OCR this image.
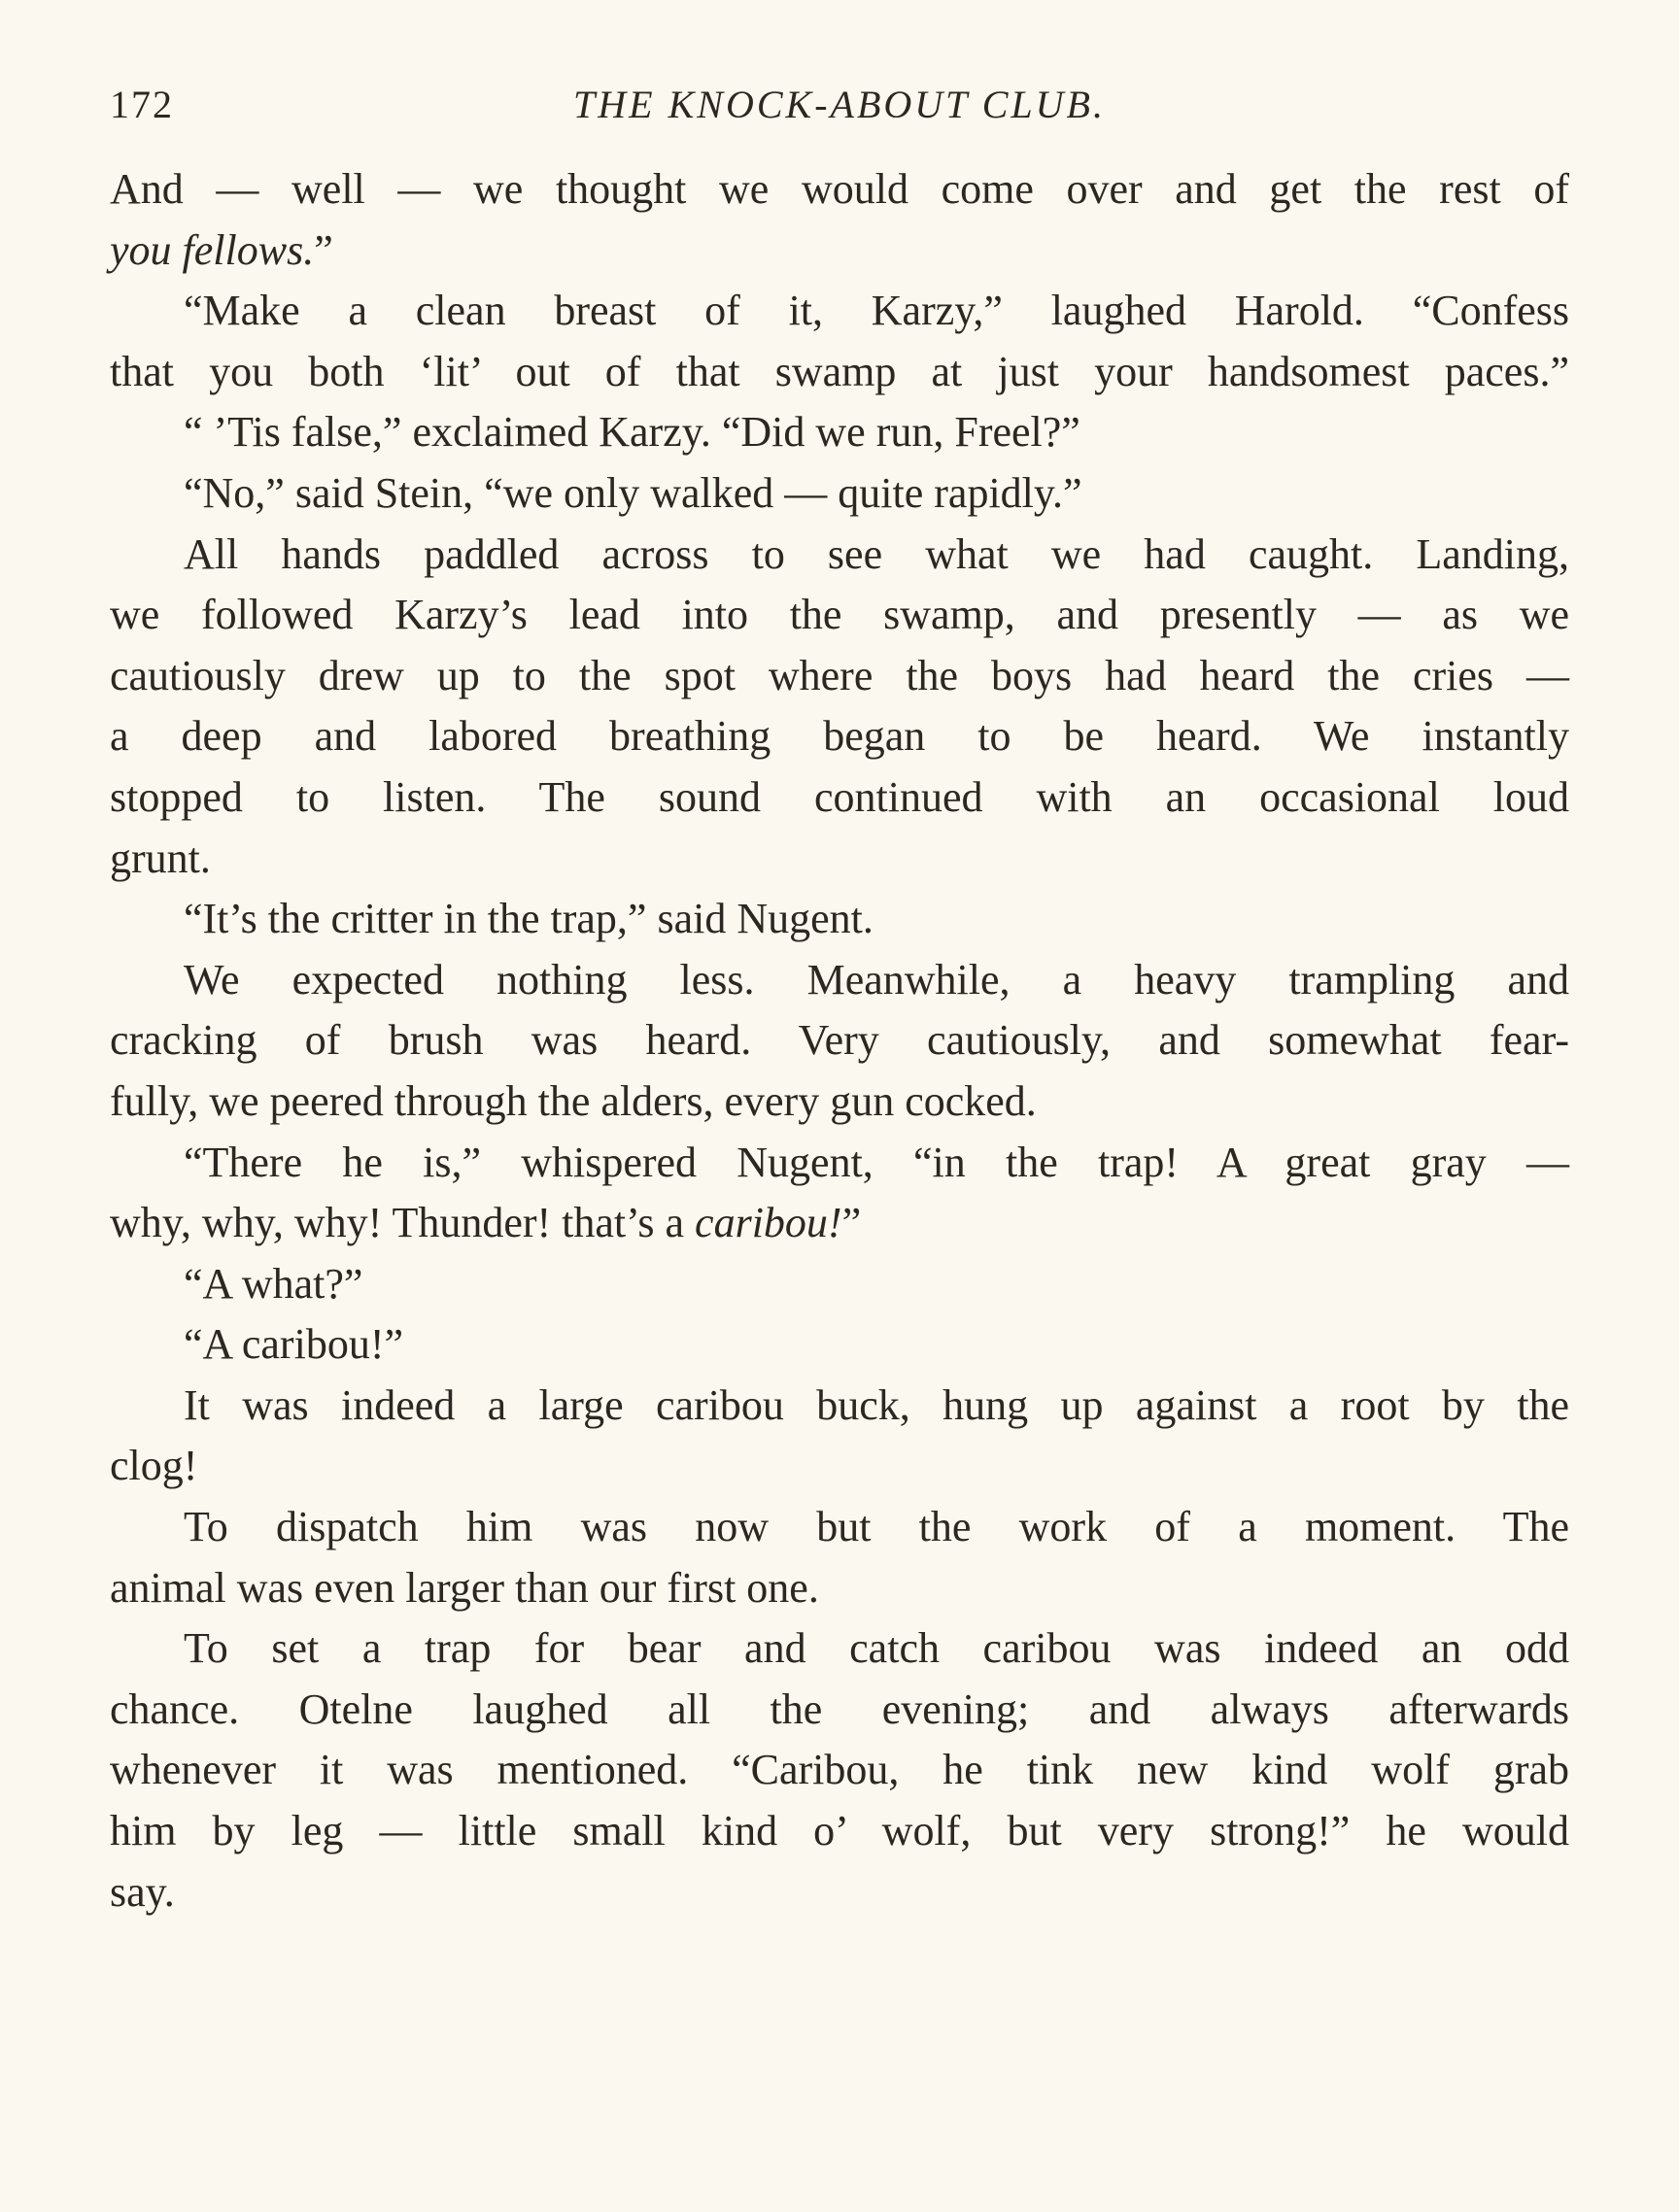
172	THE KNOCK-ABOUT CLUB.
And — well — we thought we would come over and get the rest of
you fellows.”
“Make a clean breast of it, Karzy,” laughed Harold. “Confess
that you both ‘lit’ out of that swamp at just your handsomest paces.”
“ ’Tis false,” exclaimed Karzy. “Did we run, Freel?”
“No,” said Stein, “we only walked — quite rapidly.”
All hands paddled across to see what we had caught. Landing,
we followed Karzy’s lead into the swamp, and presently — as we
cautiously drew up to the spot where the boys had heard the cries —
a deep and labored breathing began to be heard. We instantly
stopped to listen. The sound continued with an occasional loud
grunt.
“It’s the critter in the trap,” said Nugent.
We expected nothing less. Meanwhile, a heavy trampling and
cracking of brush was heard. Very cautiously, and somewhat fear-
fully, we peered through the alders, every gun cocked.
“There he is,” whispered Nugent, “in the trap! A great gray —
why, why, why! Thunder! that’s a caribou!”
“A what?”
“A caribou!”
It was indeed a large caribou buck, hung up against a root by the
clog!
To dispatch him was now but the work of a moment. The
animal was even larger than our first one.
To set a trap for bear and catch caribou was indeed an odd
chance. Otelne laughed all the evening; and always afterwards
whenever it was mentioned. “Caribou, he tink new kind wolf grab
him by leg — little small kind o’ wolf, but very strong!” he would
say.
